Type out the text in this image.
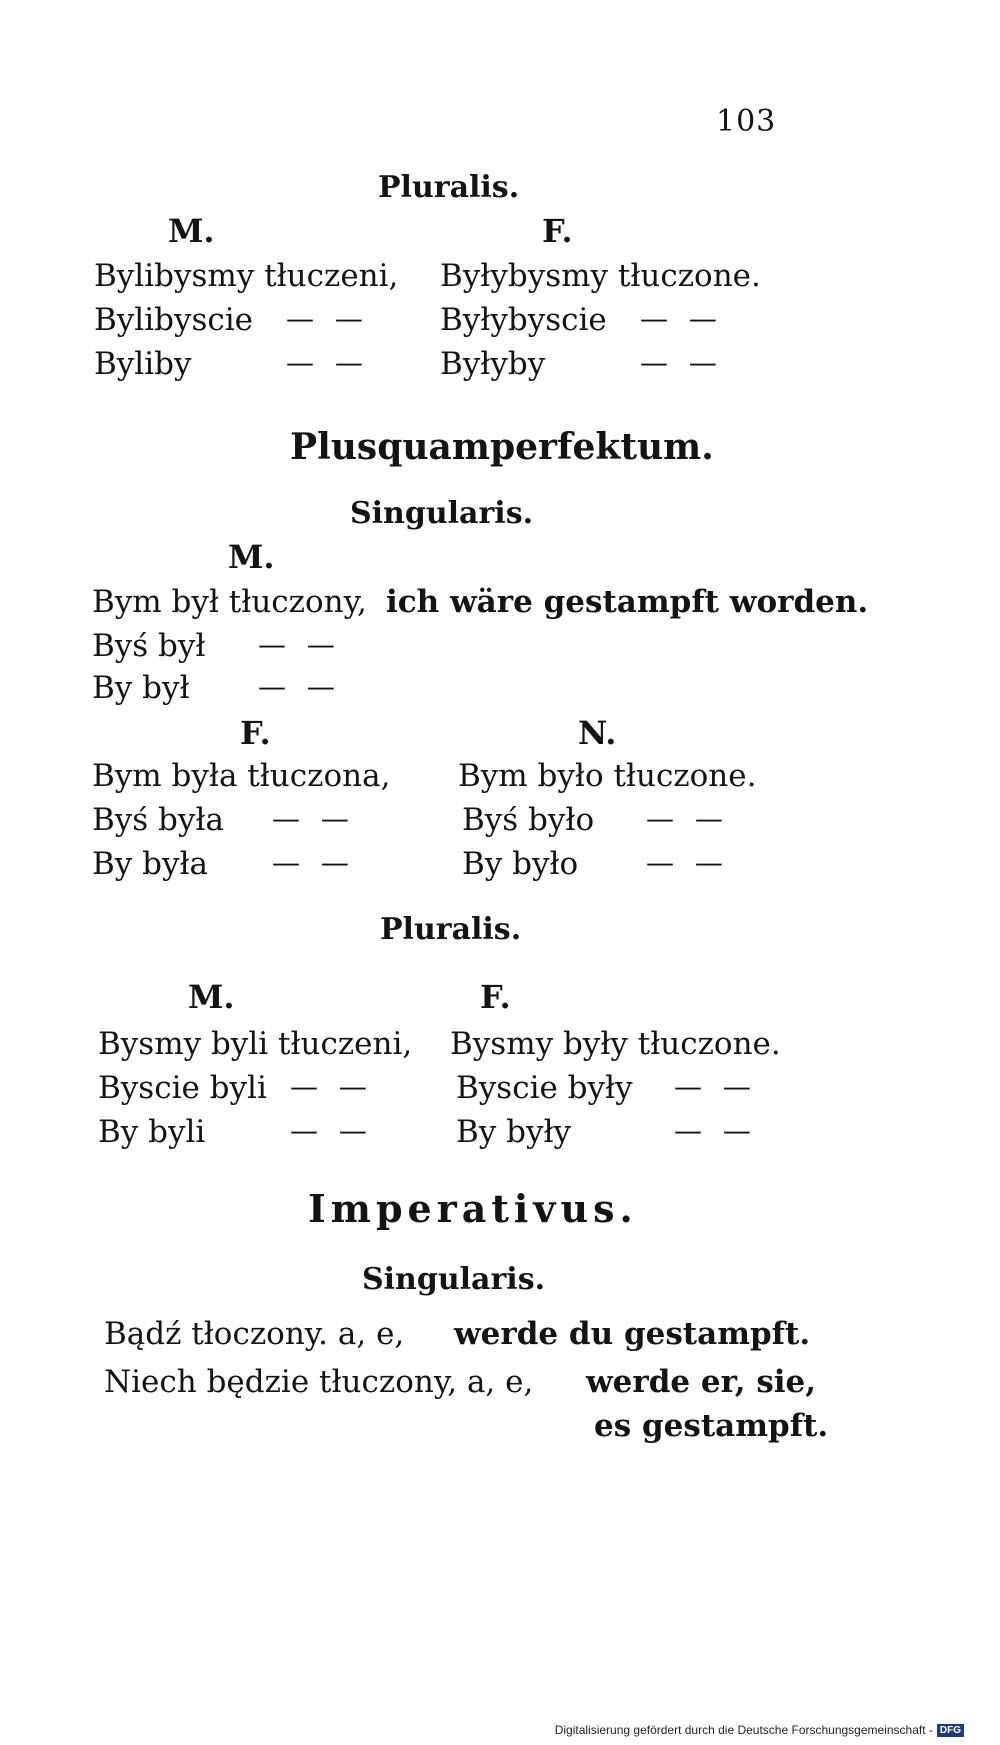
103
Pluralis.
M.	F.
Bylibysmy tłuczeni, Byłybysmy tłuczone.
Bylibyscie — — Byłybyscie — —
Byliby	— — Byłyby	— —
Plusquamperfektum.
Singularis.
M.
Bym był tłuczony, ich wäre gestampft worden.
Byś był — —
By był — —
F.	N.
Bym była tłuczona, Bym było tłuczone.
Byś była — —	Byś było — —
By była — —	By było — —
Pluralis.
M.	F.
Bysmy byli tłuczeni, Bysmy były tłuczone.
Byscie byli — —	Byscie były — —
By byli	— —	By były	— —
Imperativus.
Singularis.
Bądź tłoczony. a, e, werde du gestampft.
Niech będzie tłuczony, a, e, werde er, sie,
es gestampft.
Digitalisierung gefördert durch die Deutsche Forschungsgemeinschaft - DFG
